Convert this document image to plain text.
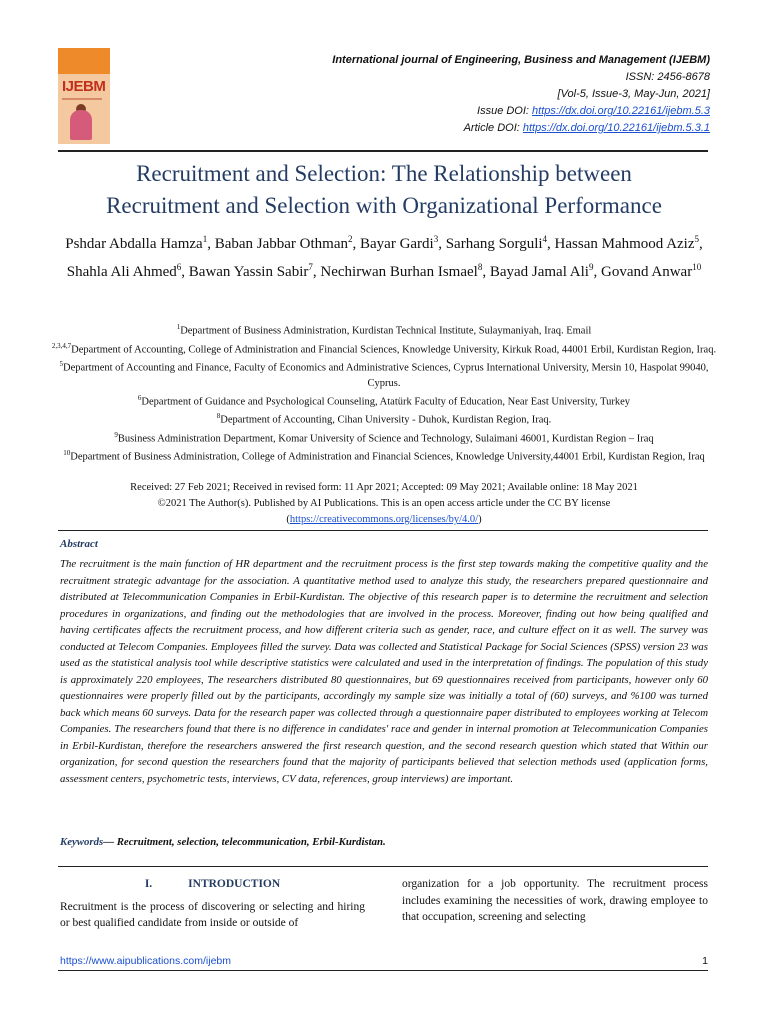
IJEBM
International journal of Engineering, Business and Management (IJEBM)
ISSN: 2456-8678
[Vol-5, Issue-3, May-Jun, 2021]
Issue DOI: https://dx.doi.org/10.22161/ijebm.5.3
Article DOI: https://dx.doi.org/10.22161/ijebm.5.3.1
Recruitment and Selection: The Relationship between
Recruitment and Selection with Organizational Performance
Pshdar Abdalla Hamza$^1$, Baban Jabbar Othman$^2$, Bayar Gardi$^3$, Sarhang Sorguli$^4$, Hassan Mahmood Aziz$^5$, Shahla Ali Ahmed$^6$, Bawan Yassin Sabir$^7$, Nechirwan Burhan Ismael$^8$, Bayad Jamal Ali$^9$, Govand Anwar$^{10}$
$^1$Department of Business Administration, Kurdistan Technical Institute, Sulaymaniyah, Iraq. Email
$^{2,3,4,7}$Department of Accounting, College of Administration and Financial Sciences, Knowledge University, Kirkuk Road, 44001 Erbil, Kurdistan Region, Iraq.
$^5$Department of Accounting and Finance, Faculty of Economics and Administrative Sciences, Cyprus International University, Mersin 10, Haspolat 99040, Cyprus.
$^6$Department of Guidance and Psychological Counseling, Atatürk Faculty of Education, Near East University, Turkey
$^8$Department of Accounting, Cihan University - Duhok, Kurdistan Region, Iraq.
$^9$Business Administration Department, Komar University of Science and Technology, Sulaimani 46001, Kurdistan Region – Iraq
$^{10}$Department of Business Administration, College of Administration and Financial Sciences, Knowledge University,44001 Erbil, Kurdistan Region, Iraq
Received: 27 Feb 2021; Received in revised form: 11 Apr 2021; Accepted: 09 May 2021; Available online: 18 May 2021
©2021 The Author(s). Published by AI Publications. This is an open access article under the CC BY license
(https://creativecommons.org/licenses/by/4.0/)
Abstract
The recruitment is the main function of HR department and the recruitment process is the first step towards making the competitive quality and the recruitment strategic advantage for the association. A quantitative method used to analyze this study, the researchers prepared questionnaire and distributed at Telecommunication Companies in Erbil-Kurdistan. The objective of this research paper is to determine the recruitment and selection procedures in organizations, and finding out the methodologies that are involved in the process. Moreover, finding out how being qualified and having certificates affects the recruitment process, and how different criteria such as gender, race, and culture effect on it as well. The survey was conducted at Telecom Companies. Employees filled the survey. Data was collected and Statistical Package for Social Sciences (SPSS) version 23 was used as the statistical analysis tool while descriptive statistics were calculated and used in the interpretation of findings. The population of this study is approximately 220 employees, The researchers distributed 80 questionnaires, but 69 questionnaires received from participants, however only 60 questionnaires were properly filled out by the participants, accordingly my sample size was initially a total of (60) surveys, and %100 was turned back which means 60 surveys. Data for the research paper was collected through a questionnaire paper distributed to employees working at Telecom Companies. The researchers found that there is no difference in candidates' race and gender in internal promotion at Telecommunication Companies in Erbil-Kurdistan, therefore the researchers answered the first research question, and the second research question which stated that Within our organization, for second question the researchers found that the majority of participants believed that selection methods used (application forms, assessment centers, psychometric tests, interviews, CV data, references, group interviews) are important.
Keywords— Recruitment, selection, telecommunication, Erbil-Kurdistan.
I.	INTRODUCTION
Recruitment is the process of discovering or selecting and hiring or best qualified candidate from inside or outside of
organization for a job opportunity. The recruitment process includes examining the necessities of work, drawing employee to that occupation, screening and selecting
https://www.aipublications.com/ijebm	1
